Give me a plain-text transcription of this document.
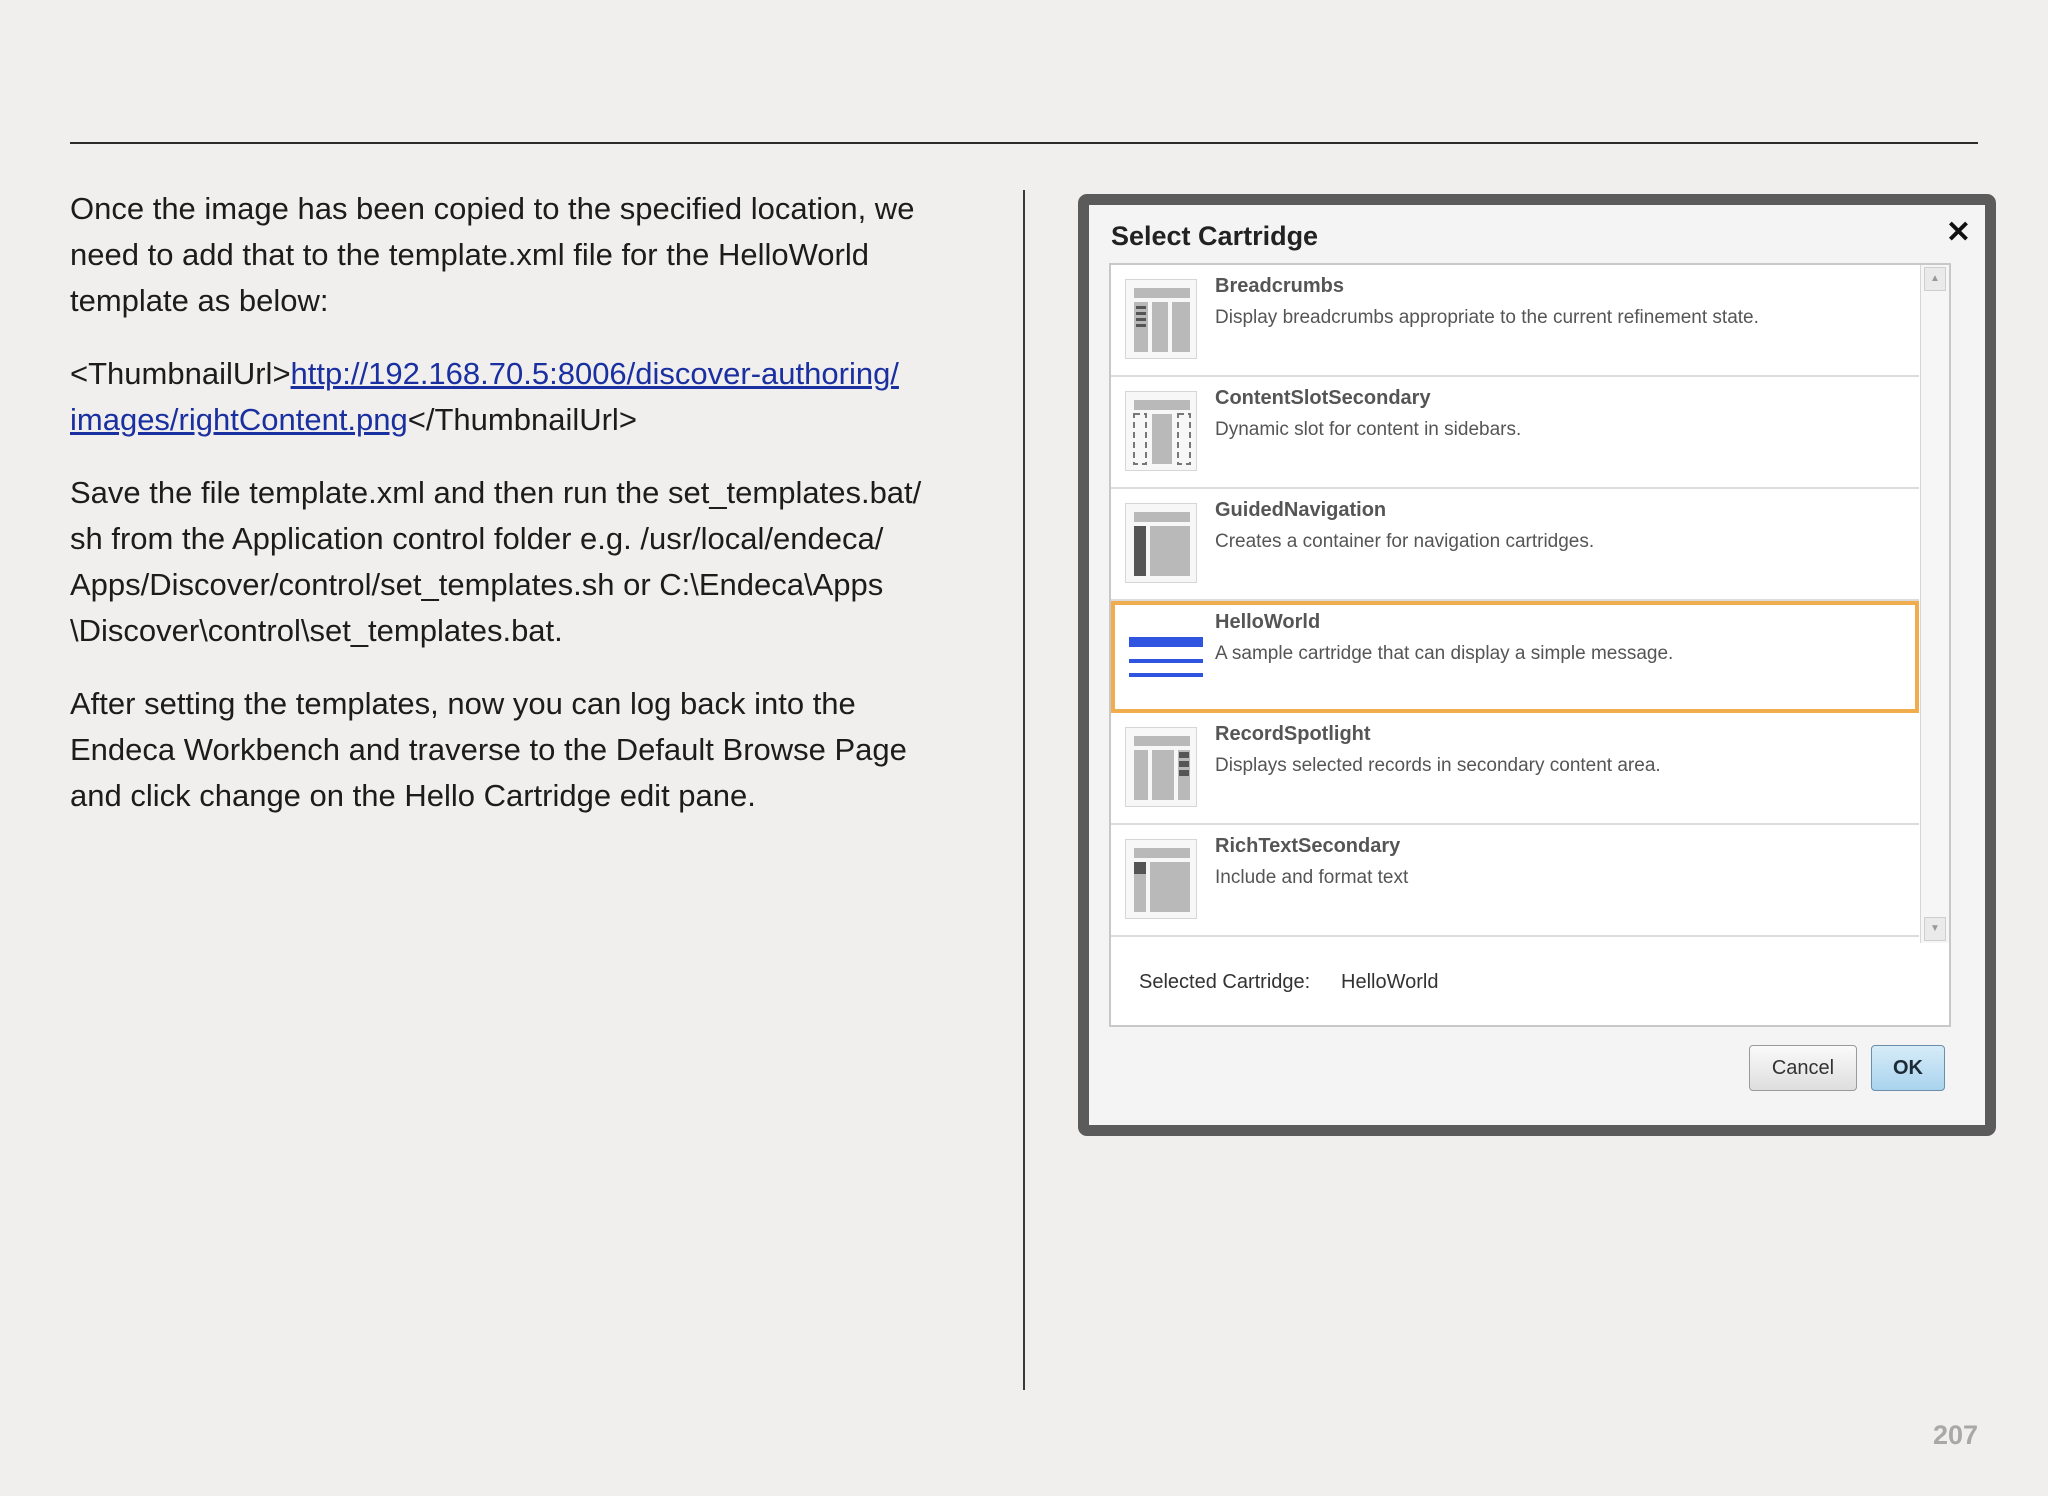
Once the image has been copied to the specified location, we
need to add that to the template.xml file for the HelloWorld
template as below:

<ThumbnailUrl>http://192.168.70.5:8006/discover-authoring/
images/rightContent.png</ThumbnailUrl>

Save the file template.xml and then run the set_templates.bat/
sh from the Application control folder e.g. /usr/local/endeca/
Apps/Discover/control/set_templates.sh or C:\Endeca\Apps
\Discover\control\set_templates.bat.

After setting the templates, now you can log back into the
Endeca Workbench and traverse to the Default Browse Page
and click change on the Hello Cartridge edit pane.

Select Cartridge	✕
Breadcrumbs
Display breadcrumbs appropriate to the current refinement state.
ContentSlotSecondary
Dynamic slot for content in sidebars.
GuidedNavigation
Creates a container for navigation cartridges.
HelloWorld
A sample cartridge that can display a simple message.
RecordSpotlight
Displays selected records in secondary content area.
RichTextSecondary
Include and format text
▲
▼
Selected Cartridge: HelloWorld
Cancel	OK
207
